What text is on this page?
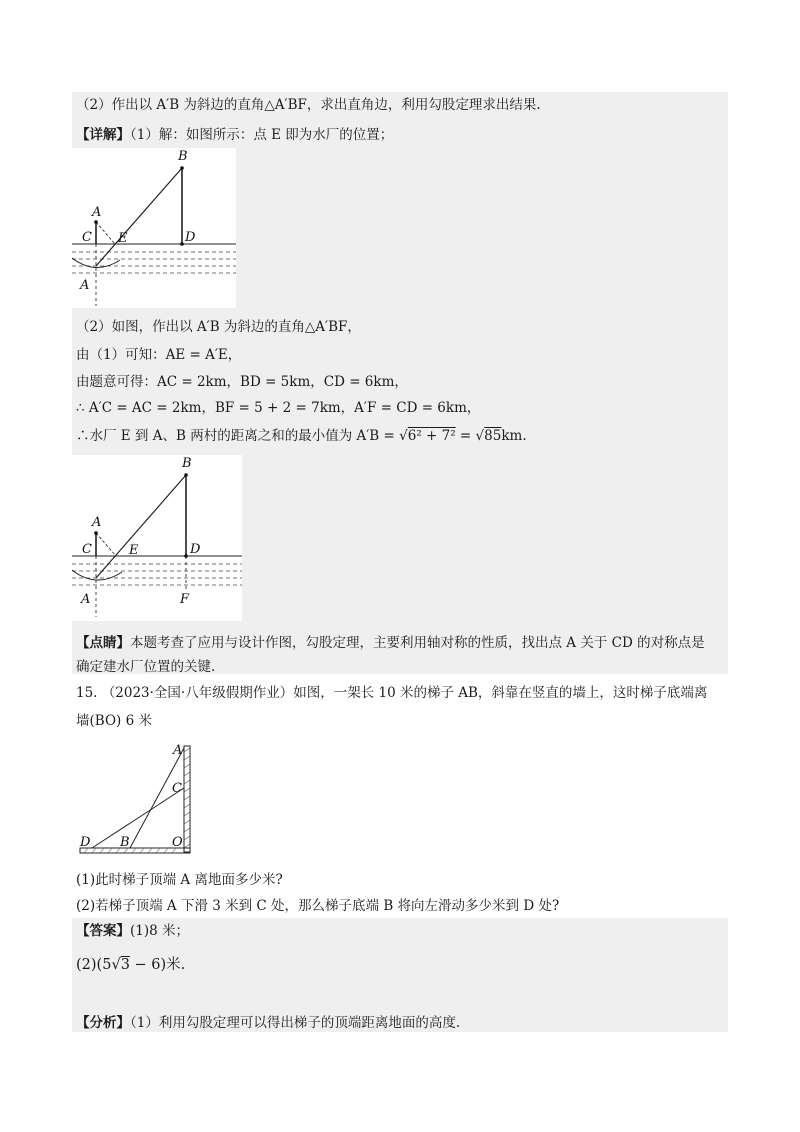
（2）作出以 A′B 为斜边的直角△A′BF，求出直角边，利用勾股定理求出结果.
【详解】（1）解：如图所示：点 E 即为水厂的位置；
B
A
C E	D
A
（2）如图，作出以 A′B 为斜边的直角△A′BF，
由（1）可知：AE = A′E，
由题意可得：AC = 2km，BD = 5km，CD = 6km，
∴ A′C = AC = 2km，BF = 5 + 2 = 7km，A′F = CD = 6km，
∴水厂 E 到 A、B 两村的距离之和的最小值为 A′B = √6² + 7² = √85km.
B
A
C	E	D
A	F
【点睛】本题考查了应用与设计作图，勾股定理，主要利用轴对称的性质，找出点 A 关于 CD 的对称点是
确定建水厂位置的关键.
15. （2023·全国·八年级假期作业）如图，一架长 10 米的梯子 AB，斜靠在竖直的墙上，这时梯子底端离
墙(BO) 6 米
A
C
D B	O
(1)此时梯子顶端 A 离地面多少米?
(2)若梯子顶端 A 下滑 3 米到 C 处，那么梯子底端 B 将向左滑动多少米到 D 处?
【答案】(1)8 米；
(2)(5√3 − 6)米.
【分析】（1）利用勾股定理可以得出梯子的顶端距离地面的高度.
